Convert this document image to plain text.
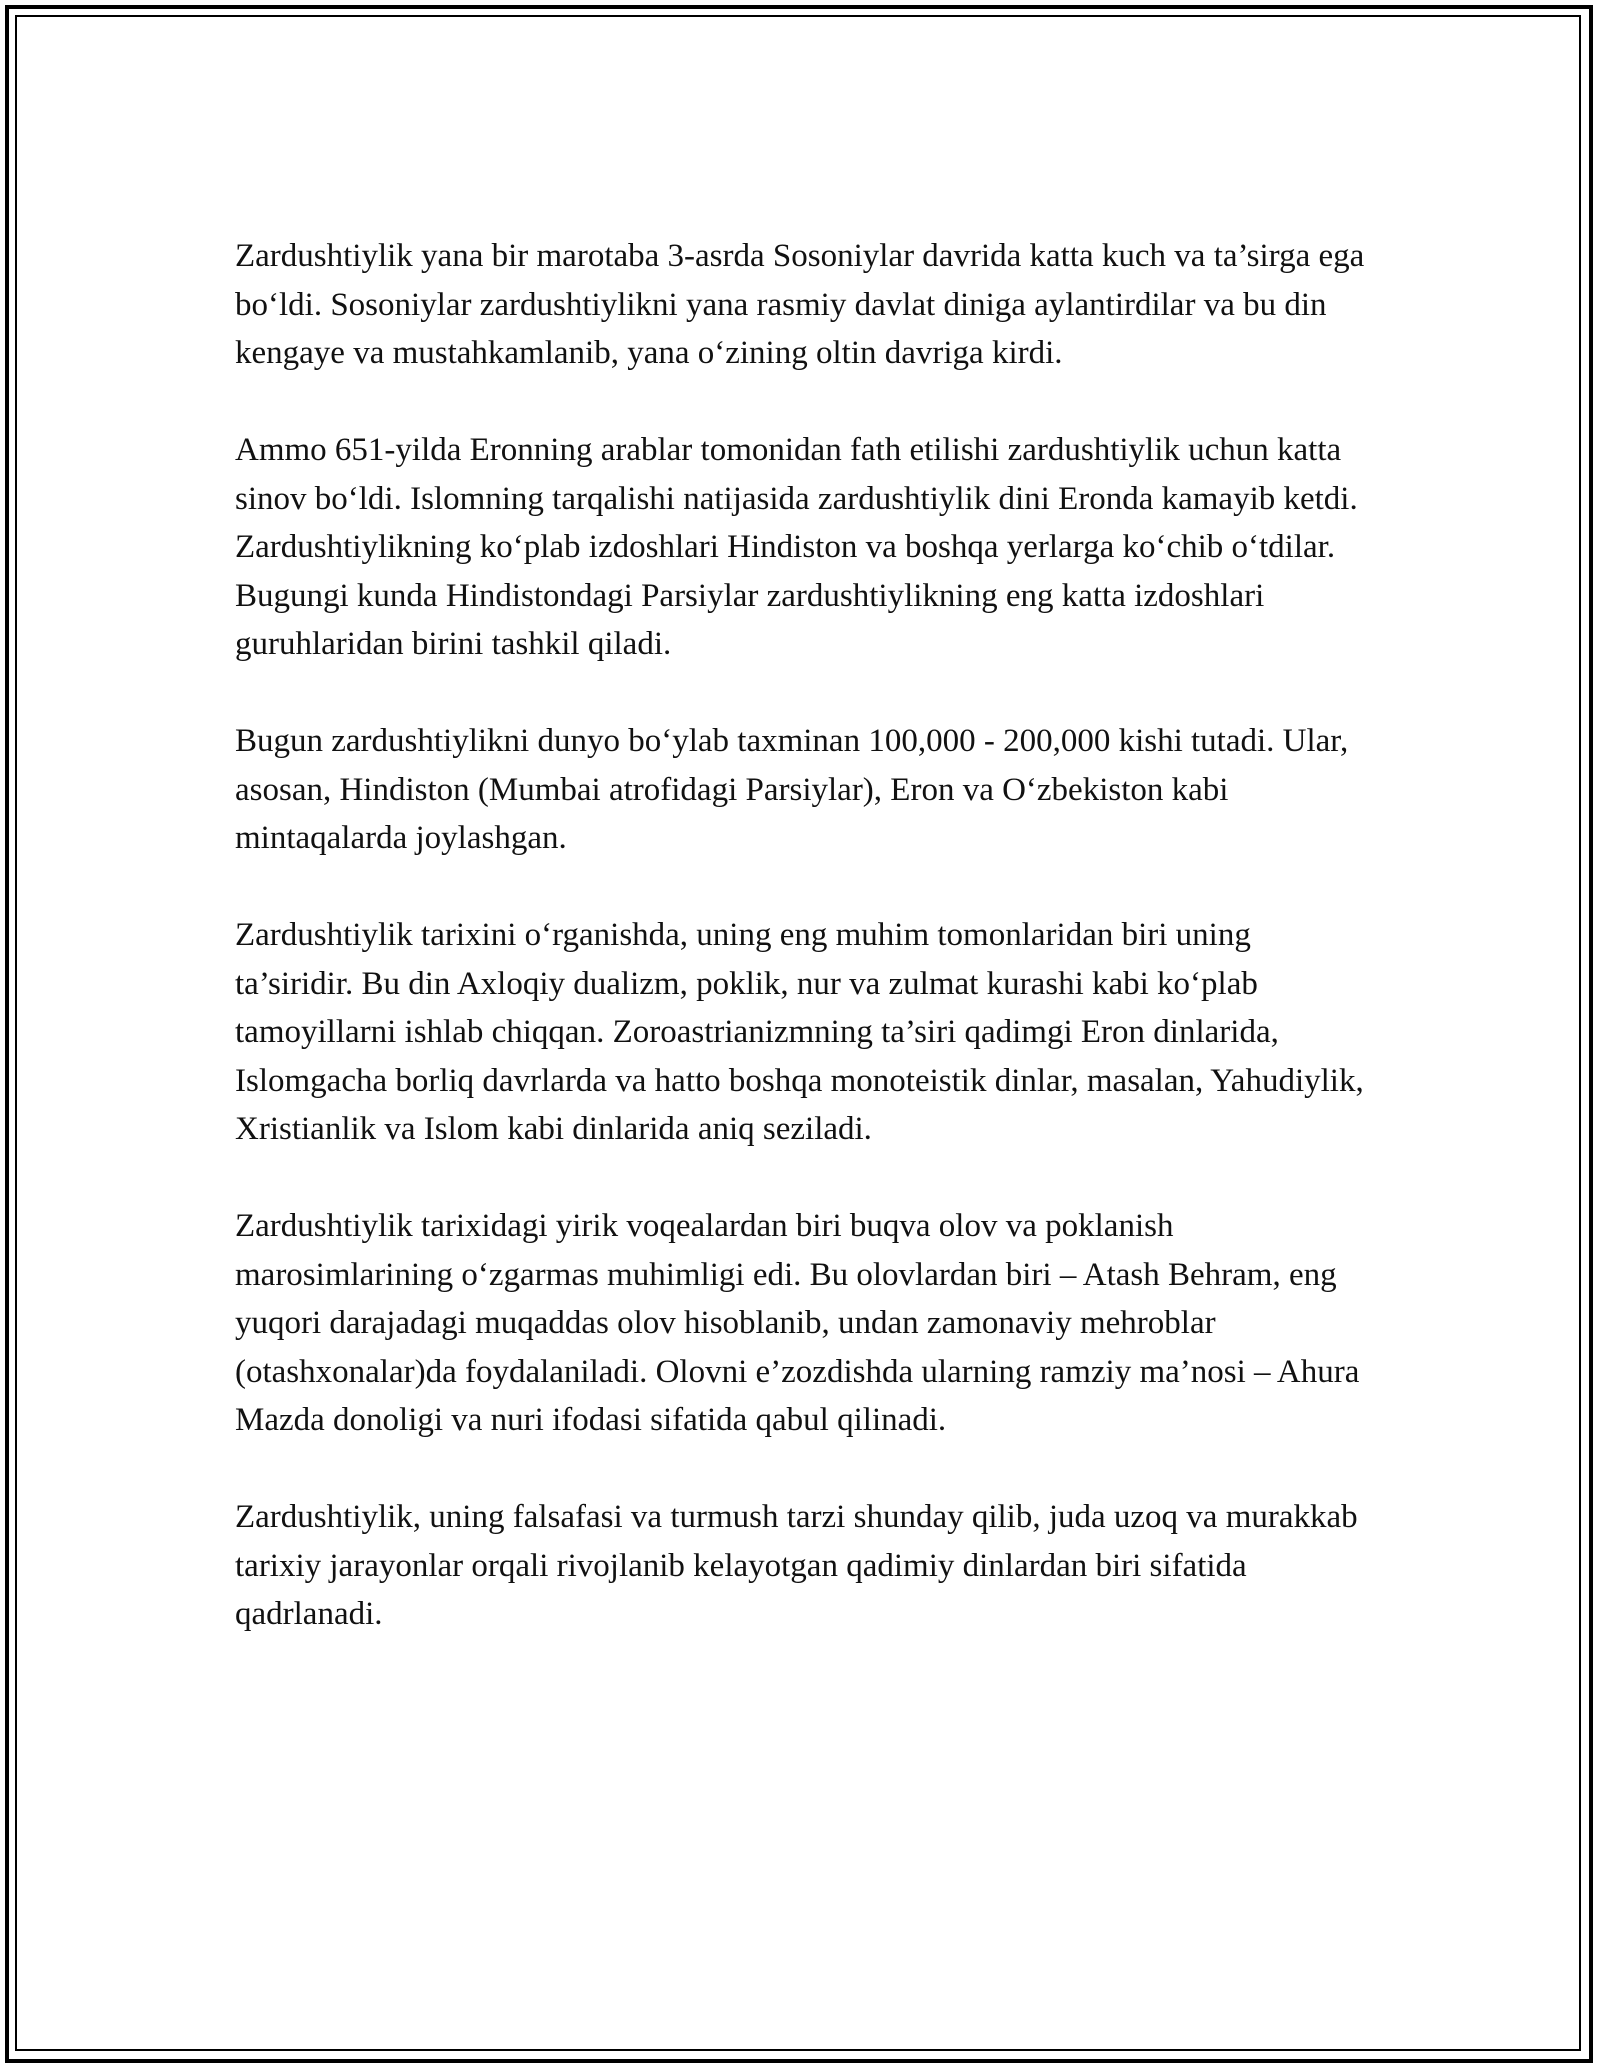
Zardushtiylik yana bir marotaba 3-asrda Sosoniylar davrida katta kuch va ta’sirga ega bo‘ldi. Sosoniylar zardushtiylikni yana rasmiy davlat diniga aylantirdilar va bu din kengaye va mustahkamlanib, yana o‘zining oltin davriga kirdi.

Ammo 651-yilda Eronning arablar tomonidan fath etilishi zardushtiylik uchun katta sinov bo‘ldi. Islomning tarqalishi natijasida zardushtiylik dini Eronda kamayib ketdi. Zardushtiylikning ko‘plab izdoshlari Hindiston va boshqa yerlarga ko‘chib o‘tdilar. Bugungi kunda Hindistondagi Parsiylar zardushtiylikning eng katta izdoshlari guruhlaridan birini tashkil qiladi.

Bugun zardushtiylikni dunyo bo‘ylab taxminan 100,000 - 200,000 kishi tutadi. Ular, asosan, Hindiston (Mumbai atrofidagi Parsiylar), Eron va O‘zbekiston kabi mintaqalarda joylashgan.

Zardushtiylik tarixini o‘rganishda, uning eng muhim tomonlaridan biri uning ta’siridir. Bu din Axloqiy dualizm, poklik, nur va zulmat kurashi kabi ko‘plab tamoyillarni ishlab chiqqan. Zoroastrianizmning ta’siri qadimgi Eron dinlarida, Islomgacha borliq davrlarda va hatto boshqa monoteistik dinlar, masalan, Yahudiylik, Xristianlik va Islom kabi dinlarida aniq seziladi.

Zardushtiylik tarixidagi yirik voqealardan biri buqva olov va poklanish marosimlarining o‘zgarmas muhimligi edi. Bu olovlardan biri – Atash Behram, eng yuqori darajadagi muqaddas olov hisoblanib, undan zamonaviy mehroblar (otashxonalar)da foydalaniladi. Olovni e’zozdishda ularning ramziy ma’nosi – Ahura Mazda donoligi va nuri ifodasi sifatida qabul qilinadi.

Zardushtiylik, uning falsafasi va turmush tarzi shunday qilib, juda uzoq va murakkab tarixiy jarayonlar orqali rivojlanib kelayotgan qadimiy dinlardan biri sifatida qadrlanadi.
